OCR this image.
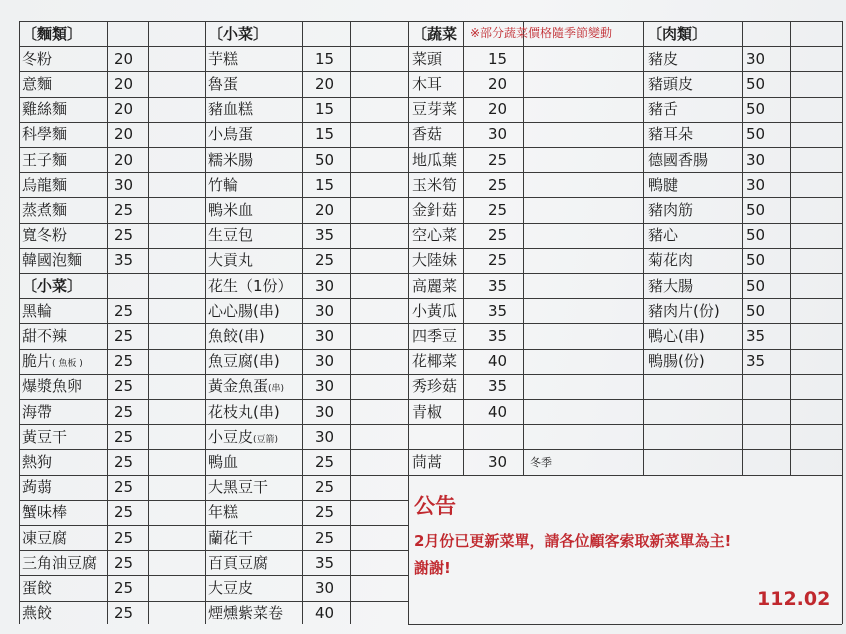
〔麵類〕	〔小菜〕	〔蔬菜	〔肉類〕
〔小菜〕
冬粉	20
意麵	20
雞絲麵	20
科學麵	20
王子麵	20
烏龍麵	30
蒸煮麵	25
寬冬粉	25
韓國泡麵 35
黑輪	25
甜不辣	25
脆片( 魚板 ) 25
爆漿魚卵 25
海帶	25
黃豆干	25
熱狗	25
蒟蒻	25
蟹味棒	25
凍豆腐	25
三角油豆腐 25
蛋餃	25
燕餃	25
芋糕	15
魯蛋	20
豬血糕	15
小鳥蛋	15
糯米腸	50
竹輪	15
鴨米血	20
生豆包	35
大貢丸	25
花生（1份） 30
心心腸(串) 30
魚餃(串)	30
魚豆腐(串) 30
黃金魚蛋(串) 30
花枝丸(串) 30
小豆皮(豆箭) 30
鴨血	25
大黑豆干	25
年糕	25
蘭花干	25
百頁豆腐	35
大豆皮	30
煙燻紫菜卷 40
菜頭	15
木耳	20
豆芽菜 20
香菇	30
地瓜葉 25
玉米筍 25
金針菇 25
空心菜 25
大陸妹 25
高麗菜 35
小黃瓜 35
四季豆 35
花椰菜 40
秀珍菇 35
青椒	40
茼蒿	30 冬季
豬皮	30
豬頭皮	50
豬舌	50
豬耳朵	50
德國香腸	30
鴨腱	30
豬肉筋	50
豬心	50
菊花肉	50
豬大腸	50
豬肉片(份) 50
鴨心(串)	35
鴨腸(份)	35
※部分蔬菜價格隨季節變動
公告
2月份已更新菜單，請各位顧客索取新菜單為主!
謝謝!
112.02
